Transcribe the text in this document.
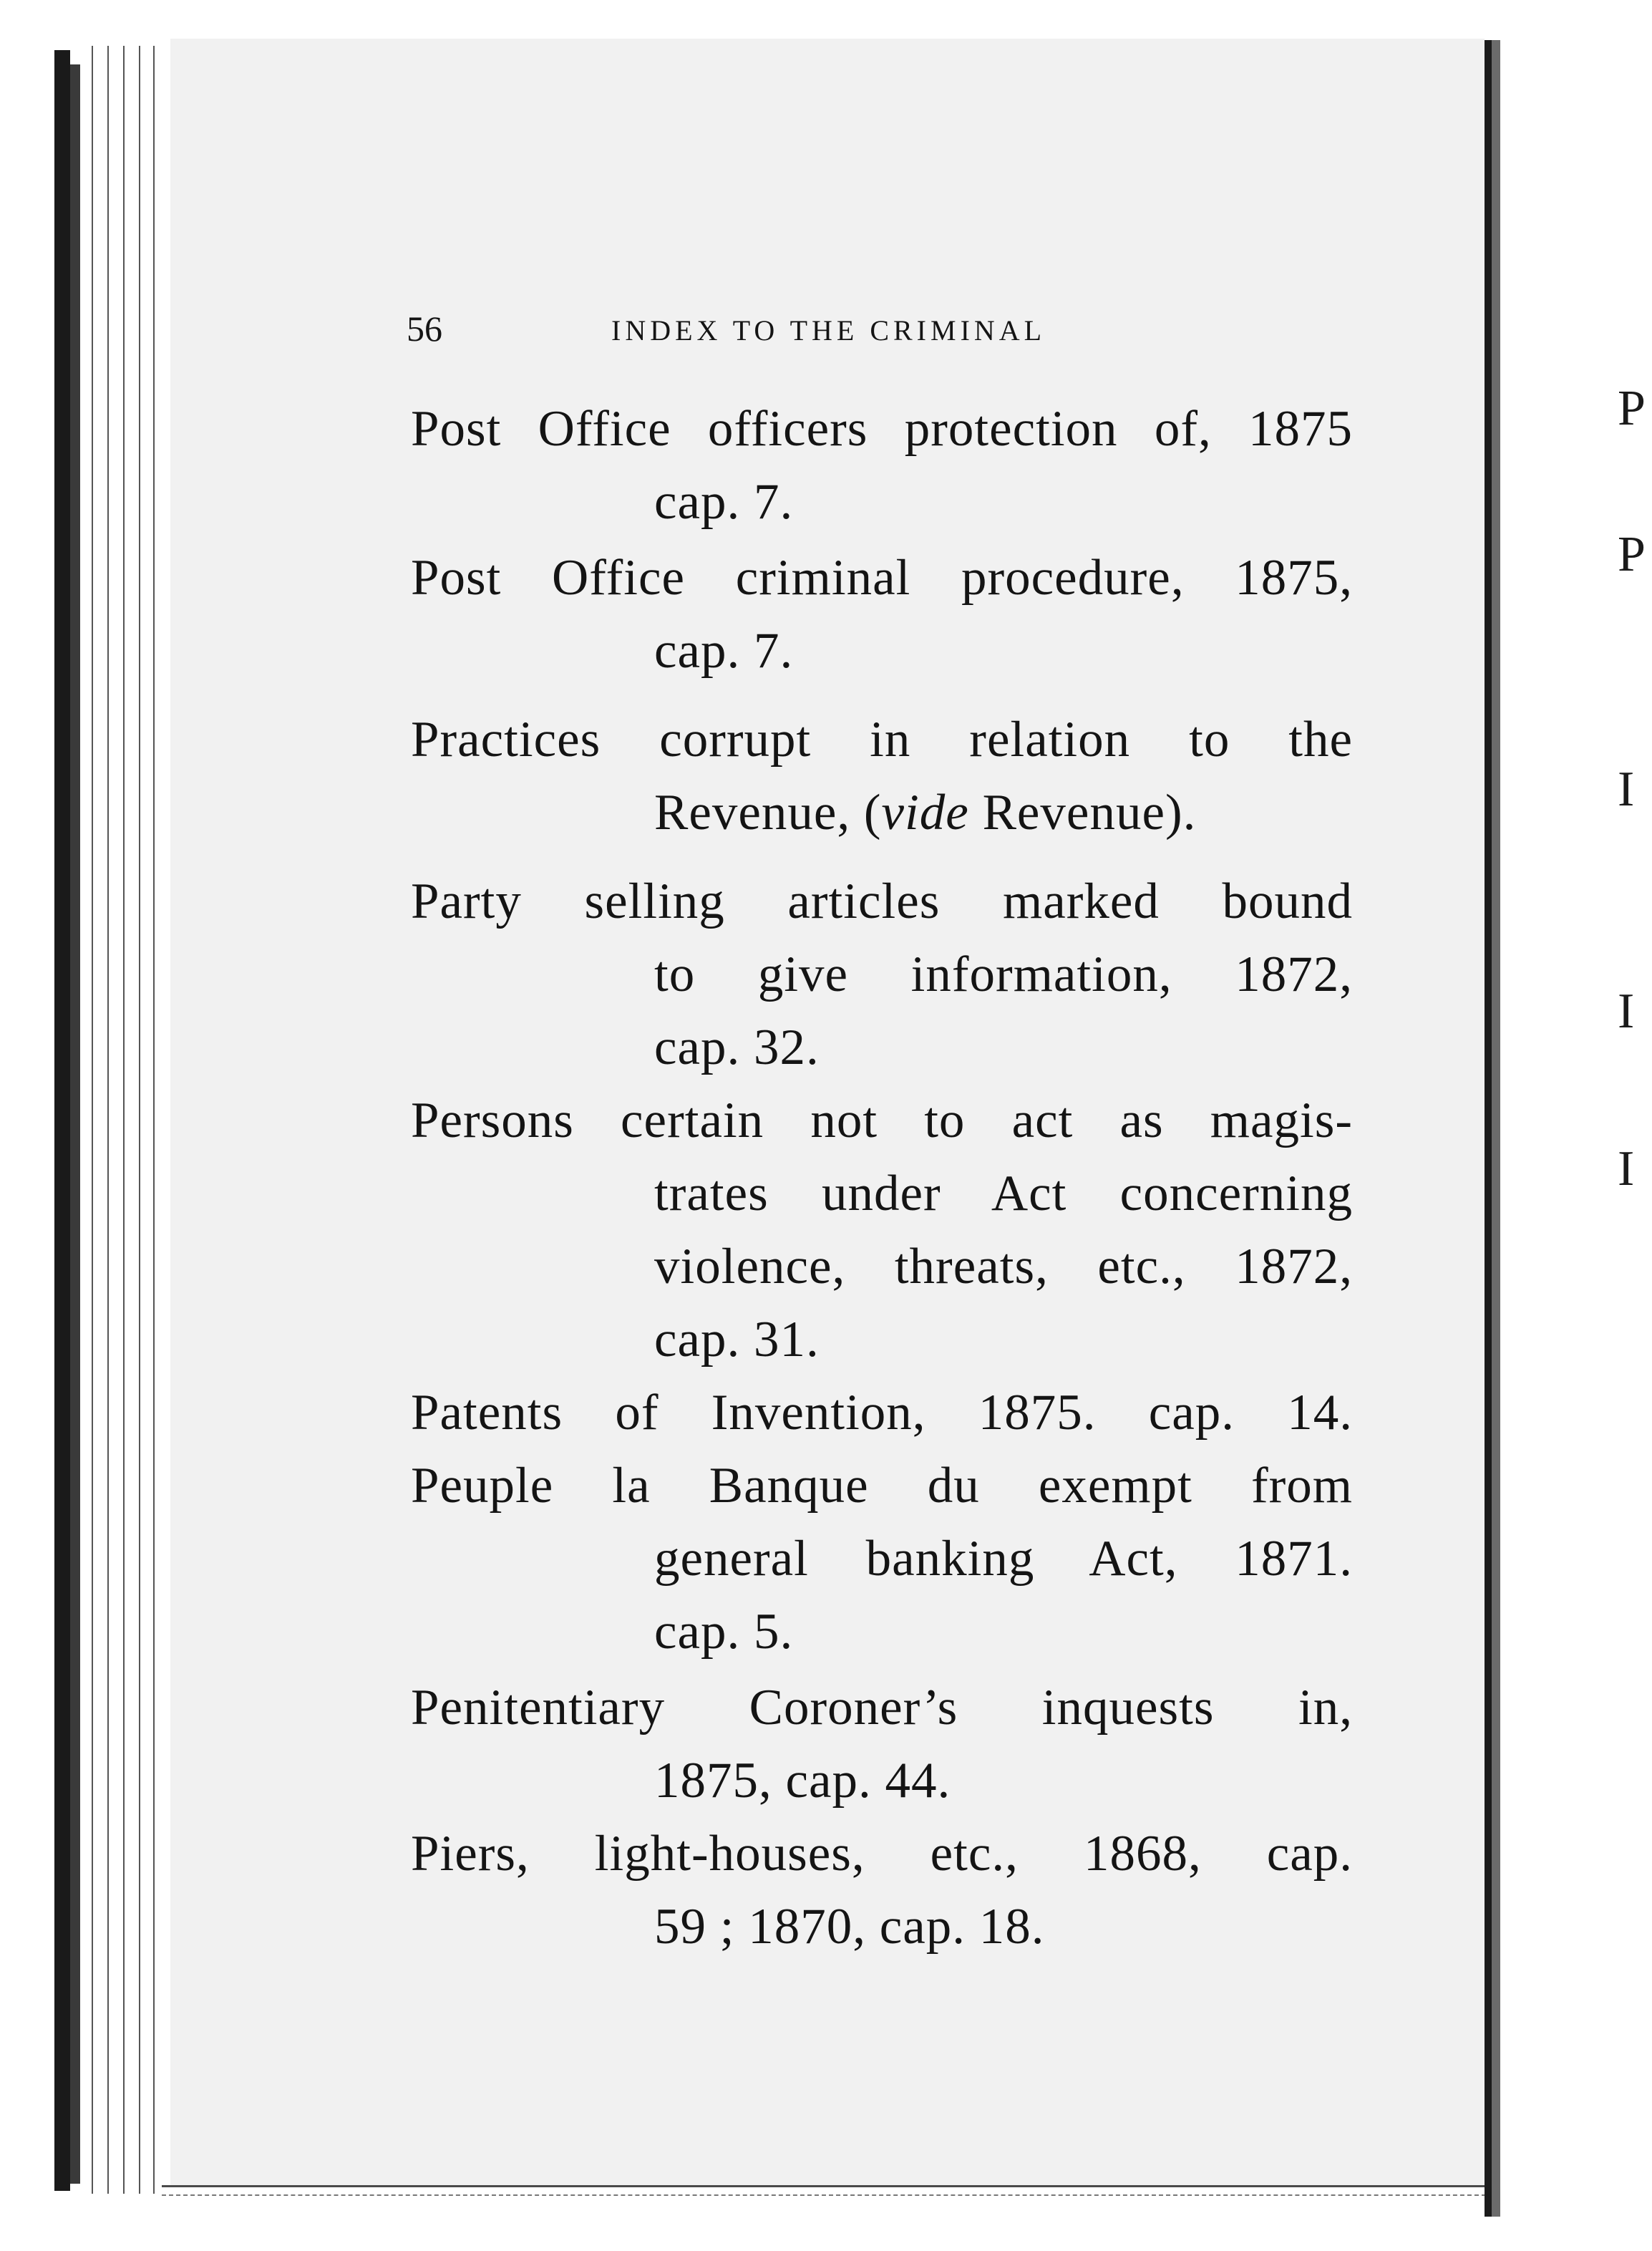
P
P
I
I
I
56	INDEX TO THE CRIMINAL
Post Office officers protection of, 1875
cap. 7.
Post Office criminal procedure, 1875,
cap. 7.
Practices corrupt in relation to the
Revenue, (vide Revenue).
Party selling articles marked bound
to give information, 1872,
cap. 32.
Persons certain not to act as magis-
trates under Act concerning
violence, threats, etc., 1872,
cap. 31.
Patents of Invention, 1875. cap. 14.
Peuple la Banque du exempt from
general banking Act, 1871.
cap. 5.
Penitentiary Coroner’s inquests in,
1875, cap. 44.
Piers, light-houses, etc., 1868, cap.
59 ; 1870, cap. 18.
